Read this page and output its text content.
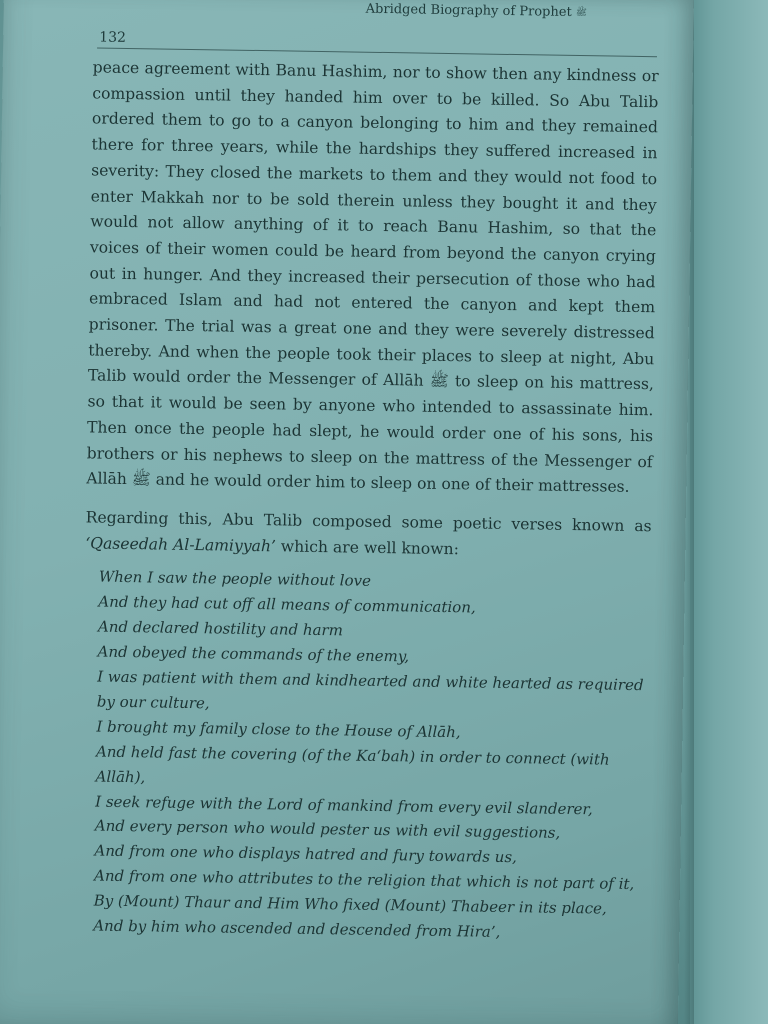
Abridged Biography of Prophet ﷺ
132

peace agreement with Banu Hashim, nor to show then any kindness or compassion until they handed him over to be killed. So Abu Talib ordered them to go to a canyon belonging to him and they remained there for three years, while the hardships they suffered increased in severity: They closed the markets to them and they would not food to enter Makkah nor to be sold therein unless they bought it and they would not allow anything of it to reach Banu Hashim, so that the voices of their women could be heard from beyond the canyon crying out in hunger. And they increased their persecution of those who had embraced Islam and had not entered the canyon and kept them prisoner. The trial was a great one and they were severely distressed thereby. And when the people took their places to sleep at night, Abu Talib would order the Messenger of Allāh ﷺ to sleep on his mattress, so that it would be seen by anyone who intended to assassinate him. Then once the people had slept, he would order one of his sons, his brothers or his nephews to sleep on the mattress of the Messenger of Allāh ﷺ and he would order him to sleep on one of their mattresses.

Regarding this, Abu Talib composed some poetic verses known as ‘Qaseedah Al-Lamiyyah’ which are well known:

When I saw the people without love
And they had cut off all means of communication,
And declared hostility and harm
And obeyed the commands of the enemy,
I was patient with them and kindhearted and white hearted as required by our culture,
I brought my family close to the House of Allāh,
And held fast the covering (of the Ka‘bah) in order to connect (with Allāh),
I seek refuge with the Lord of mankind from every evil slanderer,
And every person who would pester us with evil suggestions,
And from one who displays hatred and fury towards us,
And from one who attributes to the religion that which is not part of it,
By (Mount) Thaur and Him Who fixed (Mount) Thabeer in its place,
And by him who ascended and descended from Hira’,
